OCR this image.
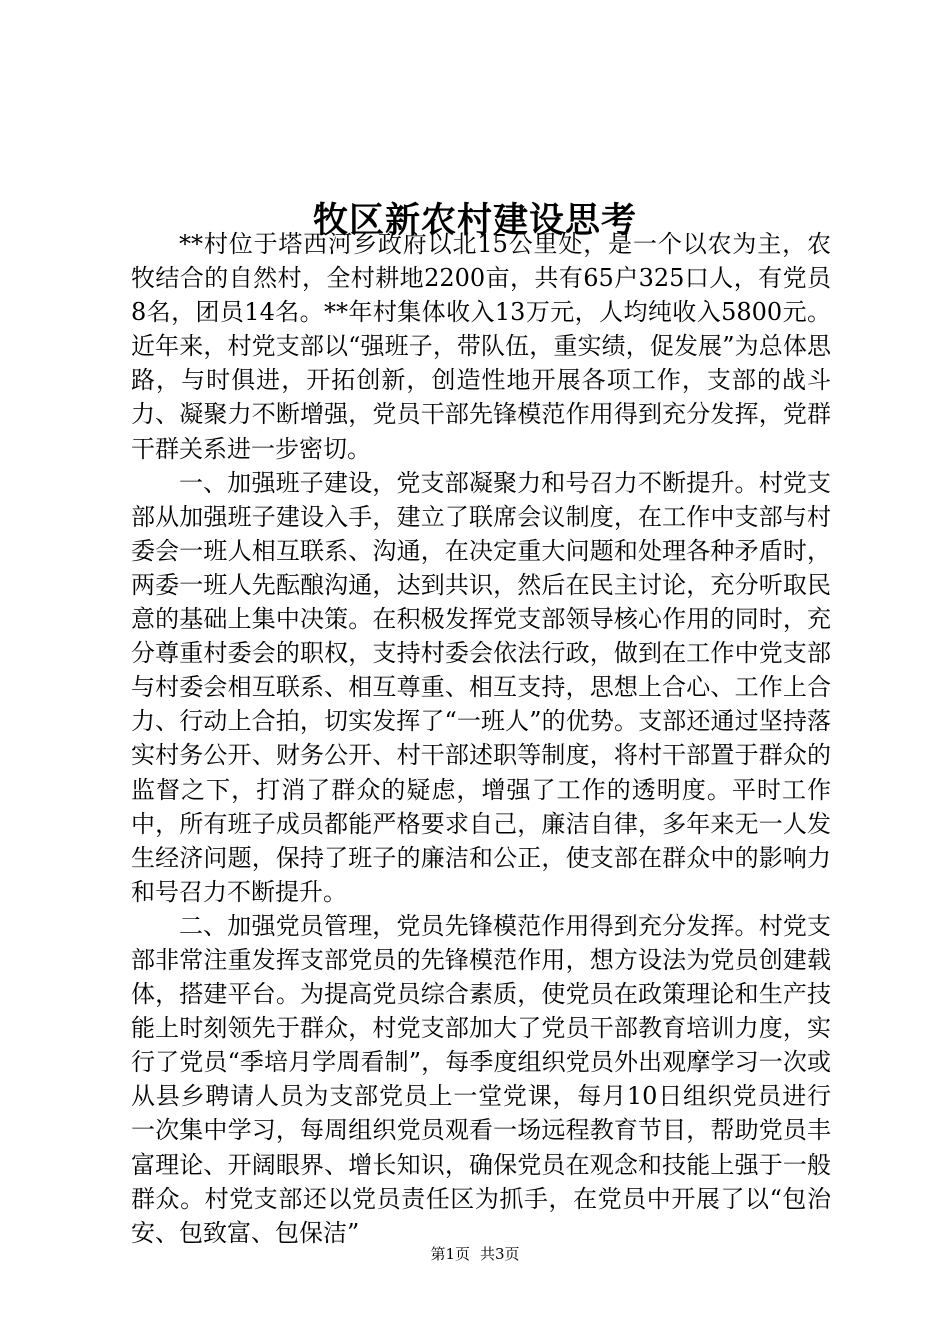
牧区新农村建设思考

**村位于塔西河乡政府以北15公里处，是一个以农为主，农牧结合的自然村，全村耕地2200亩，共有65户325口人，有党员8名，团员14名。**年村集体收入13万元，人均纯收入5800元。近年来，村党支部以“强班子，带队伍，重实绩，促发展”为总体思路，与时俱进，开拓创新，创造性地开展各项工作，支部的战斗力、凝聚力不断增强，党员干部先锋模范作用得到充分发挥，党群干群关系进一步密切。

一、加强班子建设，党支部凝聚力和号召力不断提升。村党支部从加强班子建设入手，建立了联席会议制度，在工作中支部与村委会一班人相互联系、沟通，在决定重大问题和处理各种矛盾时，两委一班人先酝酿沟通，达到共识，然后在民主讨论，充分听取民意的基础上集中决策。在积极发挥党支部领导核心作用的同时，充分尊重村委会的职权，支持村委会依法行政，做到在工作中党支部与村委会相互联系、相互尊重、相互支持，思想上合心、工作上合力、行动上合拍，切实发挥了“一班人”的优势。支部还通过坚持落实村务公开、财务公开、村干部述职等制度，将村干部置于群众的监督之下，打消了群众的疑虑，增强了工作的透明度。平时工作中，所有班子成员都能严格要求自己，廉洁自律，多年来无一人发生经济问题，保持了班子的廉洁和公正，使支部在群众中的影响力和号召力不断提升。

二、加强党员管理，党员先锋模范作用得到充分发挥。村党支部非常注重发挥支部党员的先锋模范作用，想方设法为党员创建载体，搭建平台。为提高党员综合素质，使党员在政策理论和生产技能上时刻领先于群众，村党支部加大了党员干部教育培训力度，实行了党员“季培月学周看制”，每季度组织党员外出观摩学习一次或从县乡聘请人员为支部党员上一堂党课，每月10日组织党员进行一次集中学习，每周组织党员观看一场远程教育节目，帮助党员丰富理论、开阔眼界、增长知识，确保党员在观念和技能上强于一般群众。村党支部还以党员责任区为抓手，在党员中开展了以“包治安、包致富、包保洁”

第1页 共3页
